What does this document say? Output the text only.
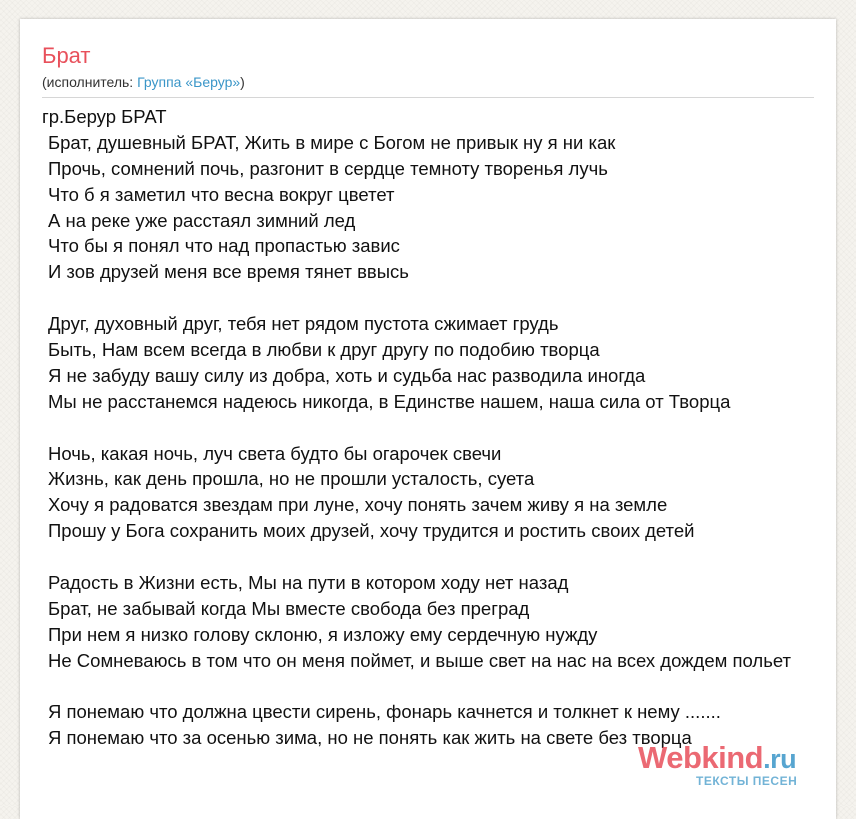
Брат
(исполнитель: Группа «Берур»)
гр.Берур БРАТ
Брат, душевный БРАТ, Жить в мире с Богом не привык ну я ни как
Прочь, сомнений почь, разгонит в сердце темноту творенья лучь
Что б я заметил что весна вокруг цветет
А на реке уже расстаял зимний лед
Что бы я понял что над пропастью завис
И зов друзей меня все время тянет ввысь
Друг, духовный друг, тебя нет рядом пустота сжимает грудь
Быть, Нам всем всегда в любви к друг другу по подобию творца
Я не забуду вашу силу из добра, хоть и судьба нас разводила иногда
Мы не расстанемся надеюсь никогда, в Единстве нашем, наша сила от Творца
Ночь, какая ночь, луч света будто бы огарочек свечи
Жизнь, как день прошла, но не прошли усталость, суета
Хочу я радоватся звездам при луне, хочу понять зачем живу я на земле
Прошу у Бога сохранить моих друзей, хочу трудится и ростить своих детей
Радость в Жизни есть, Мы на пути в котором ходу нет назад
Брат, не забывай когда Мы вместе свобода без преград
При нем я низко голову склоню, я изложу ему сердечную нужду
Не Сомневаюсь в том что он меня поймет, и выше свет на нас на всех дождем польет
Я понемаю что должна цвести сирень, фонарь качнется и толкнет к нему .......
Я понемаю что за осенью зима, но не понять как жить на свете без творца
Webkind.ru
ТЕКСТЫ ПЕСЕН
